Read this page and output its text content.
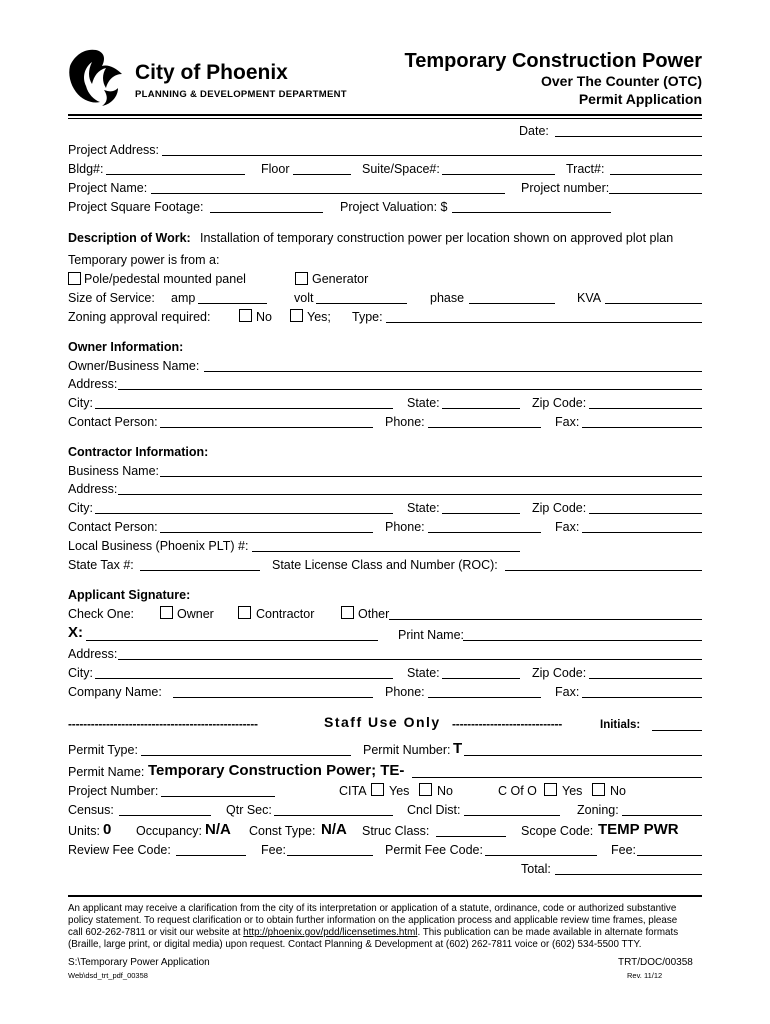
City of Phoenix
PLANNING & DEVELOPMENT DEPARTMENT
Temporary Construction Power
Over The Counter (OTC)
Permit Application
Date:
Project Address:
Bldg#:	Floor	Suite/Space#:	Tract#:
Project Name:	Project number:
Project Square Footage:	Project Valuation: $
Description of Work: Installation of temporary construction power per location shown on approved plot plan
Temporary power is from a:
Pole/pedestal mounted panel	Generator
Size of Service: amp	volt	phase	KVA
Zoning approval required:	No	Yes; Type:
Owner Information:
Owner/Business Name:
Address:
City:	State:	Zip Code:
Contact Person:	Phone:	Fax:
Contractor Information:
Business Name:
Address:
City:	State:	Zip Code:
Contact Person:	Phone:	Fax:
Local Business (Phoenix PLT) #:
State Tax #:	State License Class and Number (ROC):
Applicant Signature:
Check One:	Owner	Contractor	Other
X:	Print Name:
Address:
City:	State:	Zip Code:
Company Name:	Phone:	Fax:
--------------------------------------------------	Staff Use Only -----------------------------	Initials:
Permit Type:	Permit Number: T
Permit Name: Temporary Construction Power; TE-
Project Number:	CITA Yes No	C Of O Yes No
Census:	Qtr Sec:	Cncl Dist:	Zoning:
Units: 0 Occupancy: N/A Const Type: N/A Struc Class:	Scope Code: TEMP PWR
Review Fee Code:	Fee:	Permit Fee Code:	Fee:
Total:
An applicant may receive a clarification from the city of its interpretation or application of a statute, ordinance, code or authorized substantive
policy statement. To request clarification or to obtain further information on the application process and applicable review time frames, please
call 602-262-7811 or visit our website at http://phoenix.gov/pdd/licensetimes.html. This publication can be made available in alternate formats
(Braille, large print, or digital media) upon request. Contact Planning & Development at (602) 262-7811 voice or (602) 534-5500 TTY.
S:\Temporary Power Application
Web\dsd_trt_pdf_00358
TRT/DOC/00358
Rev. 11/12
